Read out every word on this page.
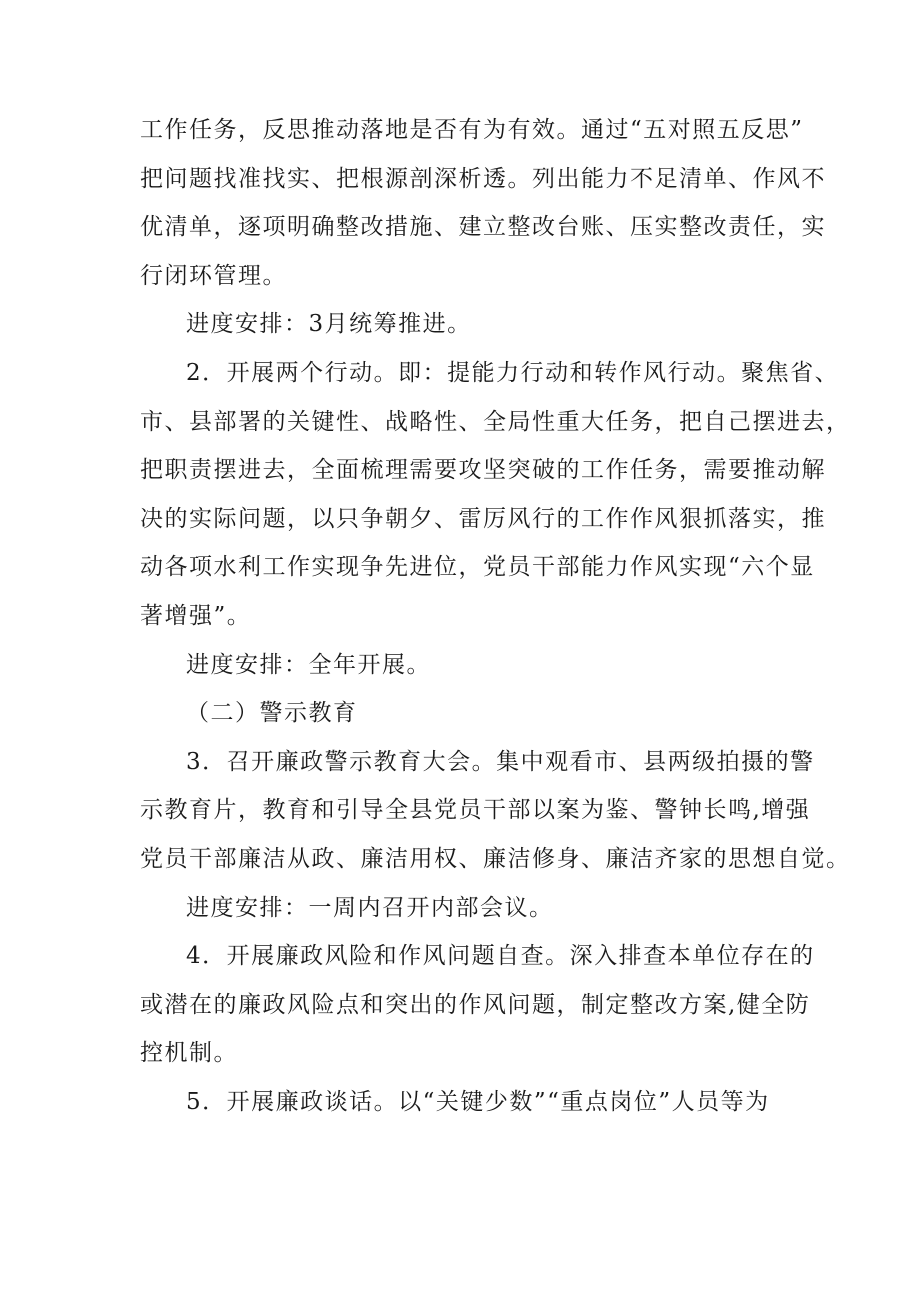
工作任务，反思推动落地是否有为有效。通过“五对照五反思”
把问题找准找实、把根源剖深析透。列出能力不足清单、作风不
优清单，逐项明确整改措施、建立整改台账、压实整改责任，实
行闭环管理。
进度安排：3月统筹推进。
2．开展两个行动。即：提能力行动和转作风行动。聚焦省、
市、县部署的关键性、战略性、全局性重大任务，把自己摆进去，
把职责摆进去，全面梳理需要攻坚突破的工作任务，需要推动解
决的实际问题，以只争朝夕、雷厉风行的工作作风狠抓落实，推
动各项水利工作实现争先进位，党员干部能力作风实现“六个显
著增强”。
进度安排：全年开展。
（二）警示教育
3．召开廉政警示教育大会。集中观看市、县两级拍摄的警
示教育片，教育和引导全县党员干部以案为鉴、警钟长鸣,增强
党员干部廉洁从政、廉洁用权、廉洁修身、廉洁齐家的思想自觉。
进度安排：一周内召开内部会议。
4．开展廉政风险和作风问题自查。深入排查本单位存在的
或潜在的廉政风险点和突出的作风问题，制定整改方案,健全防
控机制。
5．开展廉政谈话。以“关键少数”“重点岗位”人员等为
